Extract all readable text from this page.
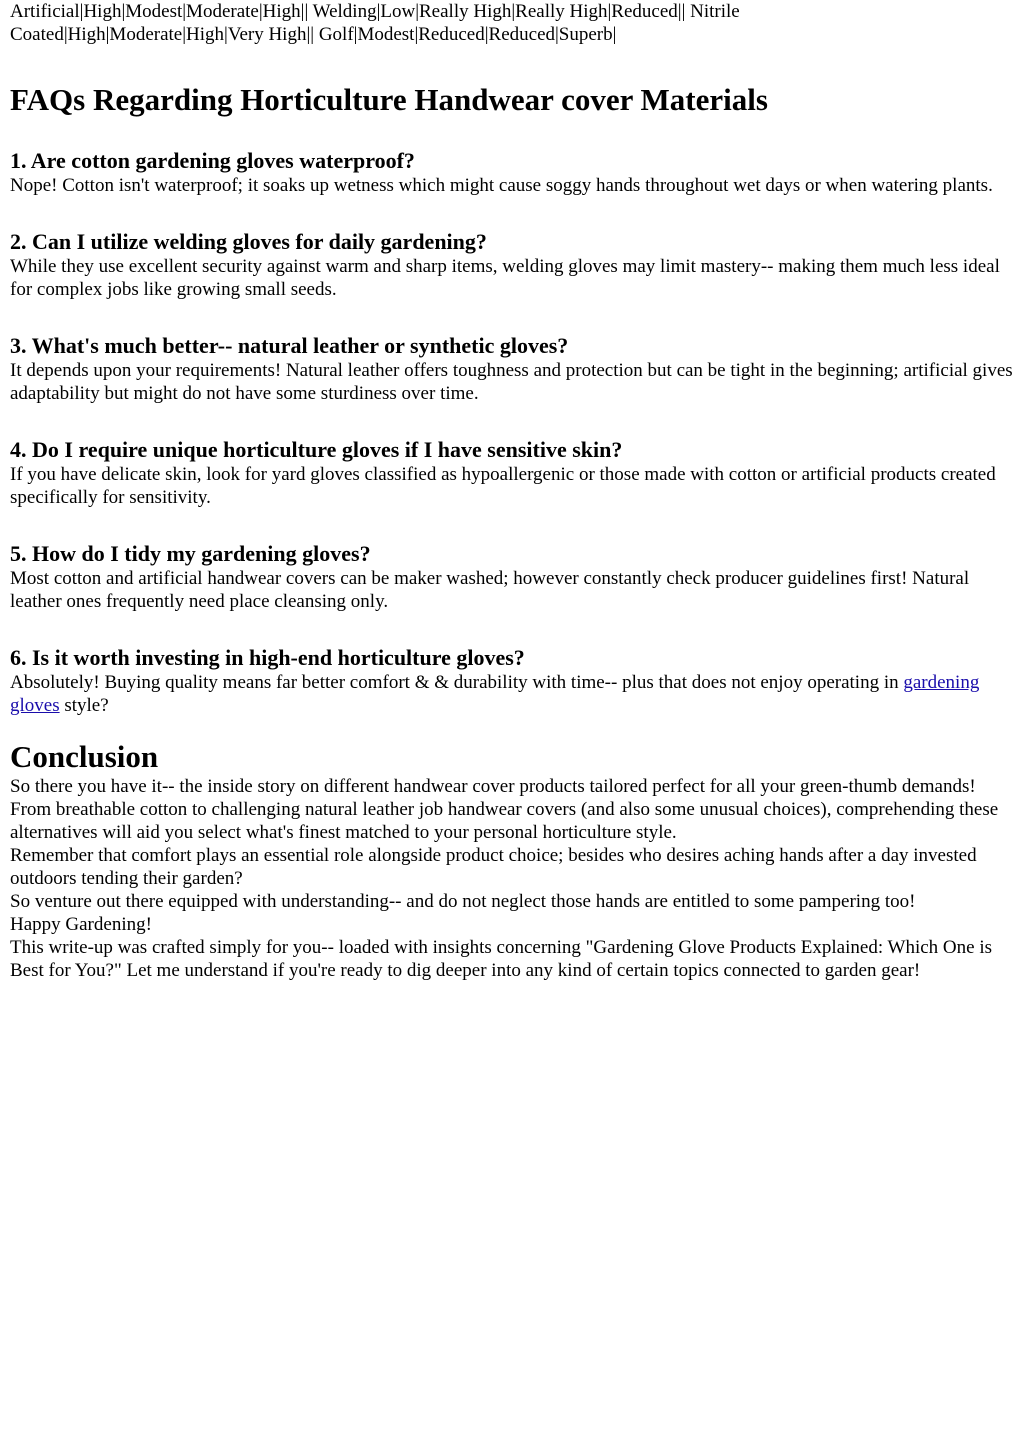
Artificial|High|Modest|Moderate|High|| Welding|Low|Really High|Really High|Reduced|| Nitrile Coated|High|Moderate|High|Very High|| Golf|Modest|Reduced|Reduced|Superb|

FAQs Regarding Horticulture Handwear cover Materials
1. Are cotton gardening gloves waterproof?

Nope! Cotton isn't waterproof; it soaks up wetness which might cause soggy hands throughout wet days or when watering plants.

2. Can I utilize welding gloves for daily gardening?

While they use excellent security against warm and sharp items, welding gloves may limit mastery-- making them much less ideal for complex jobs like growing small seeds.

3. What's much better-- natural leather or synthetic gloves?

It depends upon your requirements! Natural leather offers toughness and protection but can be tight in the beginning; artificial gives adaptability but might do not have some sturdiness over time.

4. Do I require unique horticulture gloves if I have sensitive skin?

If you have delicate skin, look for yard gloves classified as hypoallergenic or those made with cotton or artificial products created specifically for sensitivity.

5. How do I tidy my gardening gloves?

Most cotton and artificial handwear covers can be maker washed; however constantly check producer guidelines first! Natural leather ones frequently need place cleansing only.

6. Is it worth investing in high-end horticulture gloves?

Absolutely! Buying quality means far better comfort & & durability with time-- plus that does not enjoy operating in gardening gloves style?

Conclusion

So there you have it-- the inside story on different handwear cover products tailored perfect for all your green-thumb demands! From breathable cotton to challenging natural leather job handwear covers (and also some unusual choices), comprehending these alternatives will aid you select what's finest matched to your personal horticulture style.

Remember that comfort plays an essential role alongside product choice; besides who desires aching hands after a day invested outdoors tending their garden?

So venture out there equipped with understanding-- and do not neglect those hands are entitled to some pampering too!

Happy Gardening!

This write-up was crafted simply for you-- loaded with insights concerning "Gardening Glove Products Explained: Which One is Best for You?" Let me understand if you're ready to dig deeper into any kind of certain topics connected to garden gear!
